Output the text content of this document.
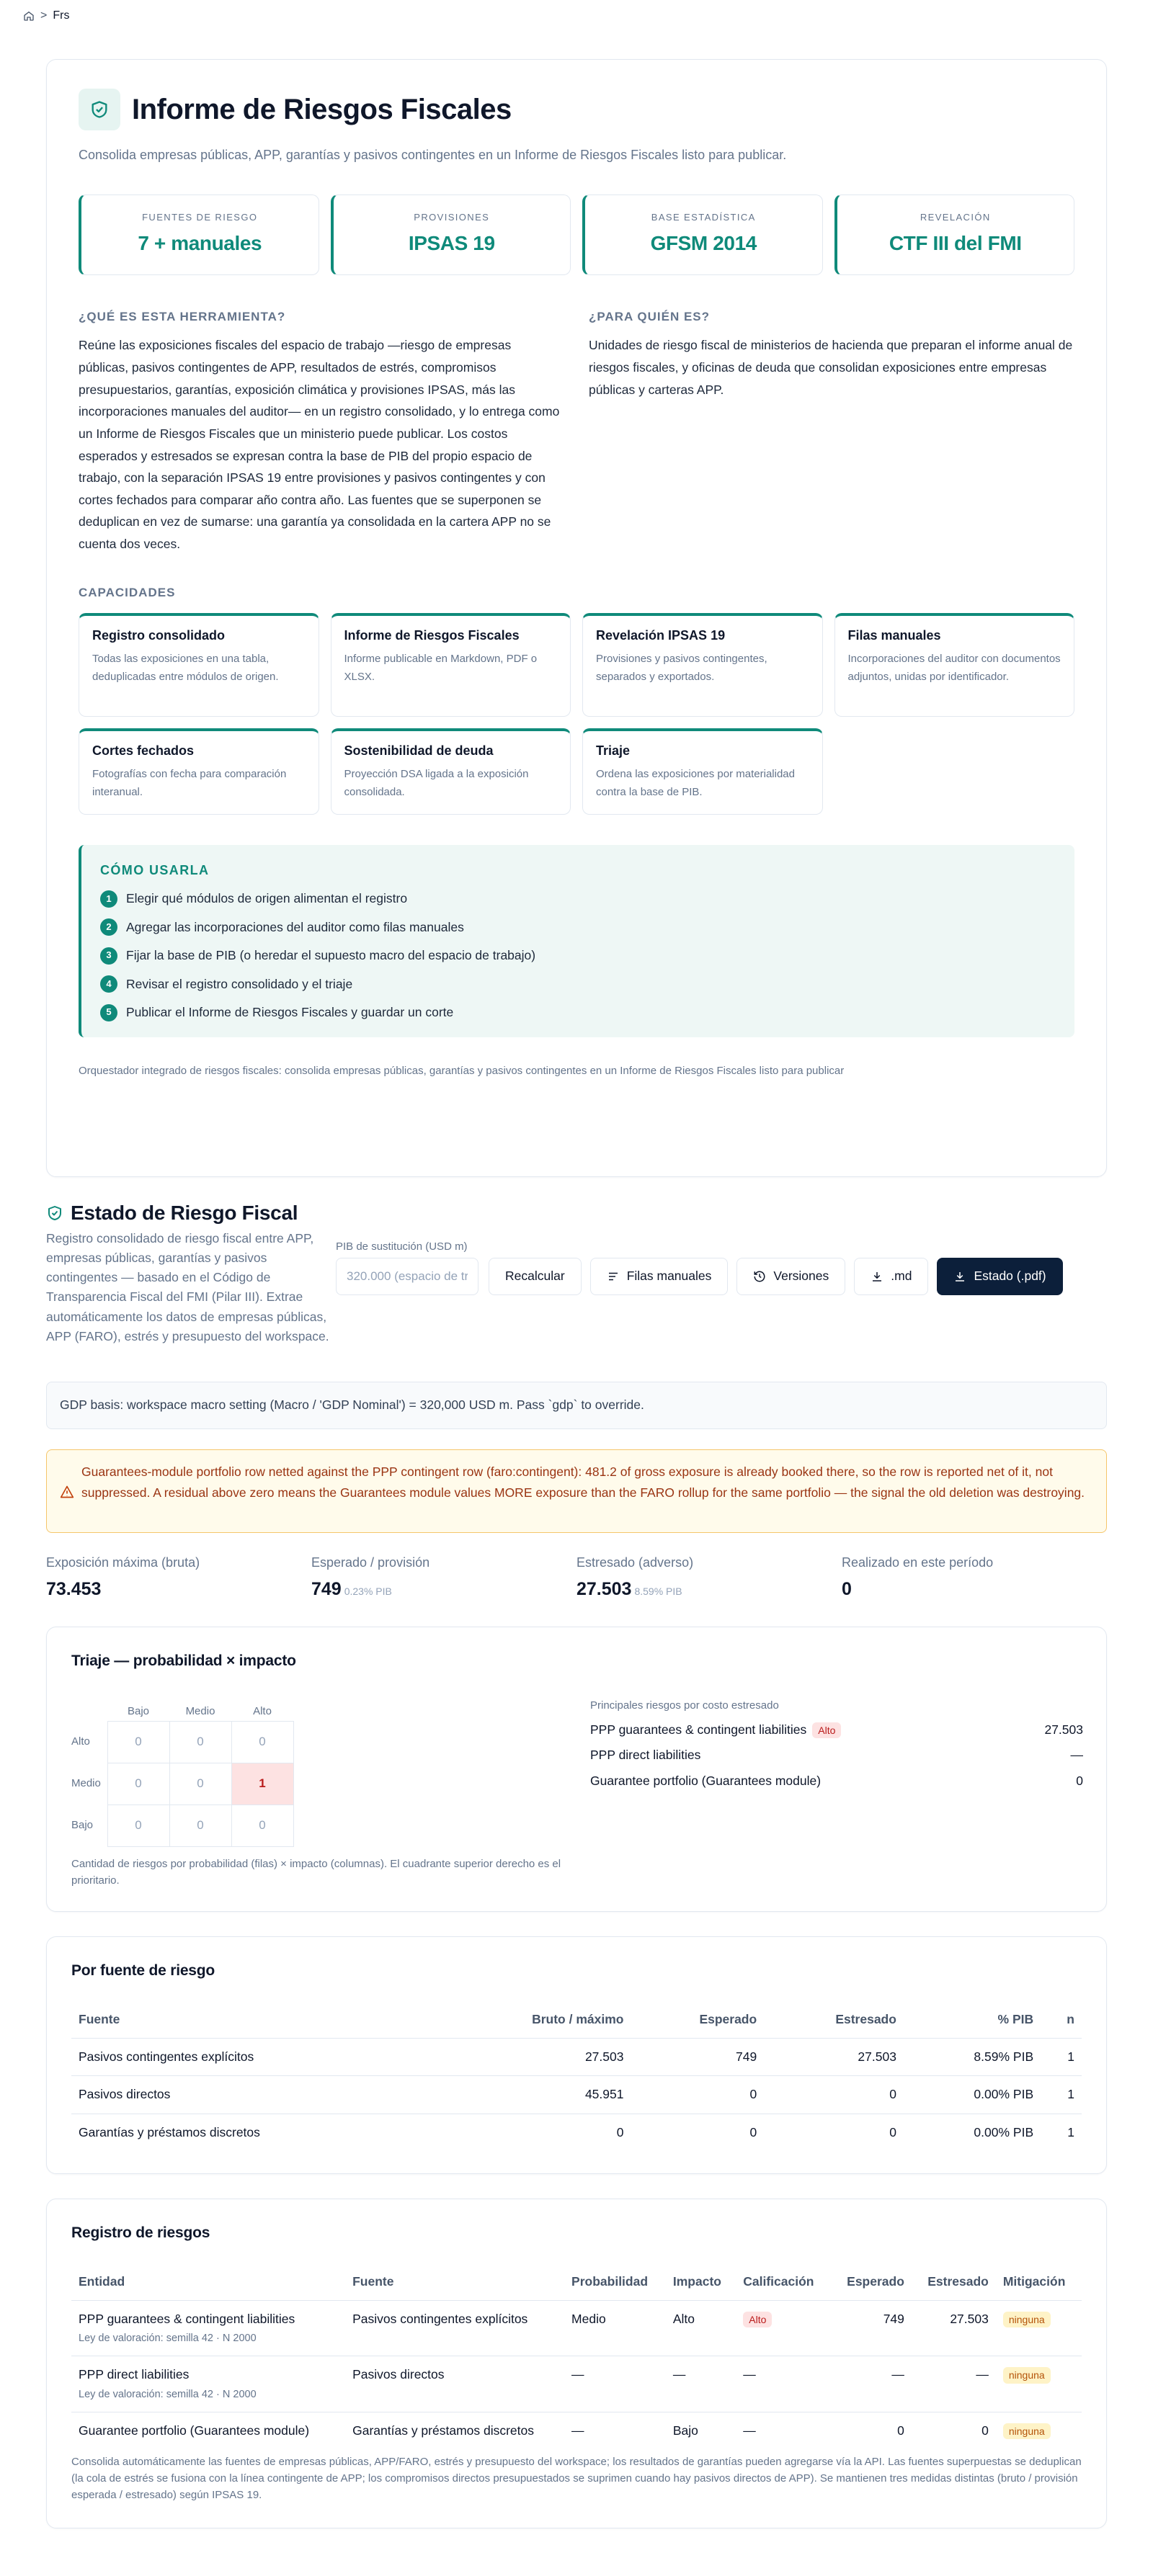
> Frs
Informe de Riesgos Fiscales

Consolida empresas públicas, APP, garantías y pasivos contingentes en un Informe de Riesgos Fiscales listo para publicar.

FUENTES DE RIESGO
7 + manuales
PROVISIONES
IPSAS 19
BASE ESTADÍSTICA
GFSM 2014
REVELACIÓN
CTF III del FMI
¿QUÉ ES ESTA HERRAMIENTA?

Reúne las exposiciones fiscales del espacio de trabajo —riesgo de empresas públicas, pasivos contingentes de APP, resultados de estrés, compromisos presupuestarios, garantías, exposición climática y provisiones IPSAS, más las incorporaciones manuales del auditor— en un registro consolidado, y lo entrega como un Informe de Riesgos Fiscales que un ministerio puede publicar. Los costos esperados y estresados se expresan contra la base de PIB del propio espacio de trabajo, con la separación IPSAS 19 entre provisiones y pasivos contingentes y con cortes fechados para comparar año contra año. Las fuentes que se superponen se deduplican en vez de sumarse: una garantía ya consolidada en la cartera APP no se cuenta dos veces.

¿PARA QUIÉN ES?

Unidades de riesgo fiscal de ministerios de hacienda que preparan el informe anual de riesgos fiscales, y oficinas de deuda que consolidan exposiciones entre empresas públicas y carteras APP.

CAPACIDADES
Registro consolidado
Todas las exposiciones en una tabla, deduplicadas entre módulos de origen.
Informe de Riesgos Fiscales
Informe publicable en Markdown, PDF o XLSX.
Revelación IPSAS 19
Provisiones y pasivos contingentes, separados y exportados.
Filas manuales
Incorporaciones del auditor con documentos adjuntos, unidas por identificador.
Cortes fechados
Fotografías con fecha para comparación interanual.
Sostenibilidad de deuda
Proyección DSA ligada a la exposición consolidada.
Triaje
Ordena las exposiciones por materialidad contra la base de PIB.
CÓMO USARLA
1	Elegir qué módulos de origen alimentan el registro
2	Agregar las incorporaciones del auditor como filas manuales
3	Fijar la base de PIB (o heredar el supuesto macro del espacio de trabajo)
4	Revisar el registro consolidado y el triaje
5	Publicar el Informe de Riesgos Fiscales y guardar un corte

Orquestador integrado de riesgos fiscales: consolida empresas públicas, garantías y pasivos contingentes en un Informe de Riesgos Fiscales listo para publicar

Estado de Riesgo Fiscal

Registro consolidado de riesgo fiscal entre APP, empresas públicas, garantías y pasivos contingentes — basado en el Código de Transparencia Fiscal del FMI (Pilar III). Extrae automáticamente los datos de empresas públicas, APP (FARO), estrés y presupuesto del workspace.

PIB de sustitución (USD m)
320.000 (espacio de trabajo)
Recalcular	Filas manuales	Versiones	.md	Estado (.pdf)
GDP basis: workspace macro setting (Macro / 'GDP Nominal') = 320,000 USD m. Pass `gdp` to override.
Guarantees-module portfolio row netted against the PPP contingent row (faro:contingent): 481.2 of gross exposure is already booked there, so the row is reported net of it, not suppressed. A residual above zero means the Guarantees module values MORE exposure than the FARO rollup for the same portfolio — the signal the old deletion was destroying.
Exposición máxima (bruta)
73.453
Esperado / provisión
749 0.23% PIB
Estresado (adverso)
27.503 8.59% PIB
Realizado en este período
0
Triaje — probabilidad × impacto
	Bajo	Medio	Alto
Alto	0	0	0
Medio	0	0	1
Bajo	0	0	0

Cantidad de riesgos por probabilidad (filas) × impacto (columnas). El cuadrante superior derecho es el prioritario.

Principales riesgos por costo estresado
PPP guarantees & contingent liabilities Alto	27.503
PPP direct liabilities	—
Guarantee portfolio (Guarantees module)	0
Por fuente de riesgo
Fuente	Bruto / máximo	Esperado	Estresado	% PIB	n
Pasivos contingentes explícitos	27.503	749	27.503	8.59% PIB	1
Pasivos directos	45.951	0	0	0.00% PIB	1
Garantías y préstamos discretos	0	0	0	0.00% PIB	1
Registro de riesgos
Entidad	Fuente	Probabilidad	Impacto	Calificación	Esperado	Estresado	Mitigación

PPP guarantees & contingent liabilities
Ley de valoración: semilla 42 · N 2000	Pasivos contingentes explícitos	Medio	Alto	Alto	749	27.503	ninguna

PPP direct liabilities
Ley de valoración: semilla 42 · N 2000	Pasivos directos	—	—	—	—	—	ninguna

Guarantee portfolio (Guarantees module)	Garantías y préstamos discretos	—	Bajo	—	0	0	ninguna

Consolida automáticamente las fuentes de empresas públicas, APP/FARO, estrés y presupuesto del workspace; los resultados de garantías pueden agregarse vía la API. Las fuentes superpuestas se deduplican (la cola de estrés se fusiona con la línea contingente de APP; los compromisos directos presupuestados se suprimen cuando hay pasivos directos de APP). Se mantienen tres medidas distintas (bruto / provisión esperada / estresado) según IPSAS 19.
